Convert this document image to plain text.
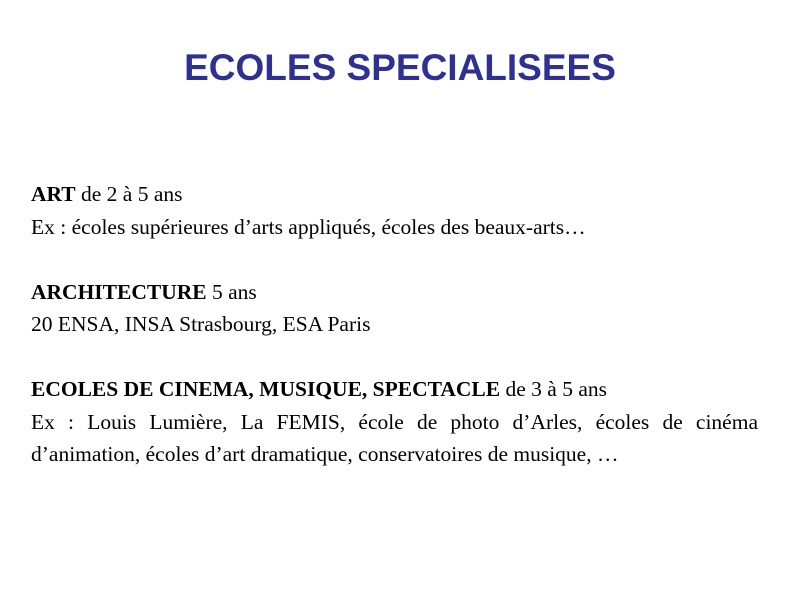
ECOLES SPECIALISEES

ART de 2 à 5 ans

Ex : écoles supérieures d’arts appliqués, écoles des beaux-arts…

ARCHITECTURE 5 ans

20 ENSA, INSA Strasbourg, ESA Paris

ECOLES DE CINEMA, MUSIQUE, SPECTACLE de 3 à 5 ans

Ex : Louis Lumière, La FEMIS, école de photo d’Arles, écoles de cinéma d’animation, écoles d’art dramatique, conservatoires de musique, …
